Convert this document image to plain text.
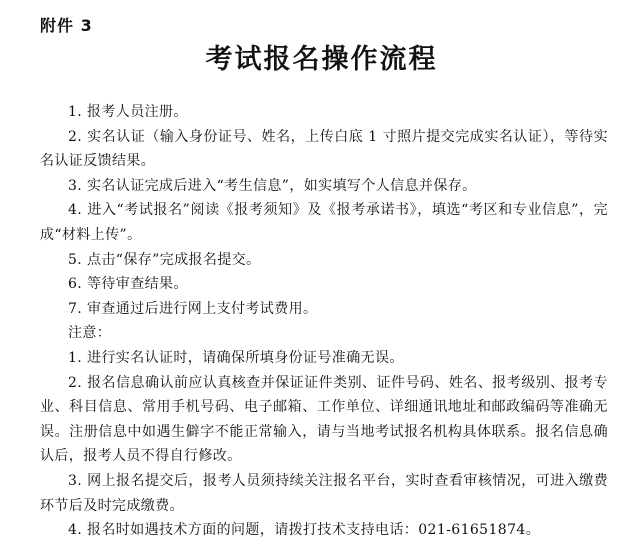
附件 3
考试报名操作流程

1. 报考人员注册。

2. 实名认证（输入身份证号、姓名，上传白底 1 寸照片提交完成实名认证），等待实名认证反馈结果。

3. 实名认证完成后进入“考生信息”，如实填写个人信息并保存。

4. 进入“考试报名”阅读《报考须知》及《报考承诺书》，填选“考区和专业信息”，完成“材料上传”。

5. 点击“保存”完成报名提交。

6. 等待审查结果。

7. 审查通过后进行网上支付考试费用。

注意：

1. 进行实名认证时，请确保所填身份证号准确无误。

2. 报名信息确认前应认真核查并保证证件类别、证件号码、姓名、报考级别、报考专业、科目信息、常用手机号码、电子邮箱、工作单位、详细通讯地址和邮政编码等准确无误。注册信息中如遇生僻字不能正常输入，请与当地考试报名机构具体联系。报名信息确认后，报考人员不得自行修改。

3. 网上报名提交后，报考人员须持续关注报名平台，实时查看审核情况，可进入缴费环节后及时完成缴费。

4. 报名时如遇技术方面的问题，请拨打技术支持电话：021-61651874。
